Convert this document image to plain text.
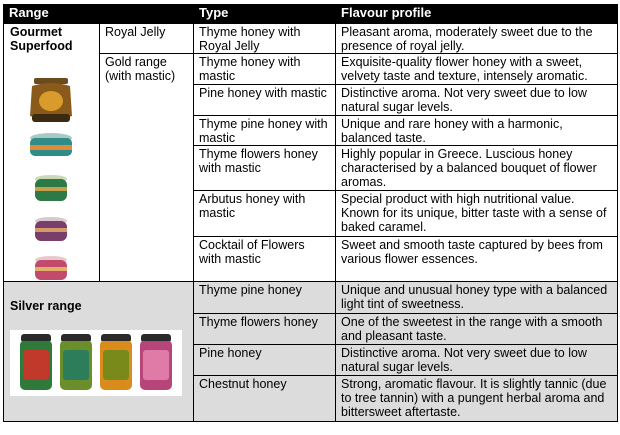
Range		Type	Flavour profile

Gourmet
Superfood	Royal Jelly	Thyme honey with Royal Jelly	Pleasant aroma, moderately sweet due to the presence of royal jelly.
	Gold range (with mastic)	Thyme honey with mastic	Exquisite-quality flower honey with a sweet, velvety taste and texture, intensely aromatic.
		Pine honey with mastic	Distinctive aroma. Not very sweet due to low natural sugar levels.
		Thyme pine honey with mastic	Unique and rare honey with a harmonic, balanced taste.
		Thyme flowers honey with mastic	Highly popular in Greece. Luscious honey characterised by a balanced bouquet of flower aromas.
		Arbutus honey with mastic	Special product with high nutritional value. Known for its unique, bitter taste with a sense of baked caramel.
		Cocktail of Flowers with mastic	Sweet and smooth taste captured by bees from various flower essences.

Silver range		Thyme pine honey	Unique and unusual honey type with a balanced light tint of sweetness.
		Thyme flowers honey	One of the sweetest in the range with a smooth and pleasant taste.
		Pine honey	Distinctive aroma. Not very sweet due to low natural sugar levels.
		Chestnut honey	Strong, aromatic flavour. It is slightly tannic (due to tree tannin) with a pungent herbal aroma and bittersweet aftertaste.
